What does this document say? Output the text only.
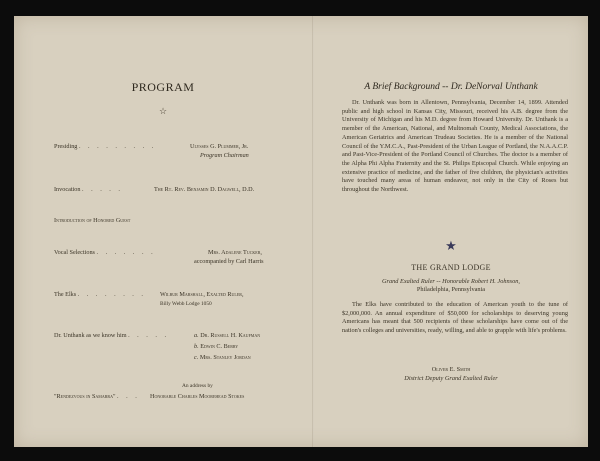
PROGRAM
☆
Presiding . . . . . . . . .	Ulysses G. Plummer, Jr.
Program Chairman
Invocation . . . . .	The Rt. Rev. Benjamin D. Dagwell, D.D.
Introduction of Honored Guest
Vocal Selections . . . . . . .	Mrs. Adalene Tucker,
accompanied by Carl Harris
The Elks . . . . . . . . Wilbur Marshall, Exalted Ruler,
Billy Webb Lodge 1050
Dr. Unthank as we know him . . . . .	a. Dr. Russell H. Kaufman
b. Edwin C. Berry
c. Mrs. Stanley Jordan
An address by
"Rendezvous in Samarra" . . . Honorable Charles Moorehead Stokes
A Brief Background -- Dr. DeNorval Unthank
Dr. Unthank was born in Allentown, Pennsylvania, December 14, 1899. Attended public and high school in Kansas City, Missouri, received his A.B. degree from the University of Michigan and his M.D. degree from Howard University. Dr. Unthank is a member of the American, National, and Multnomah County, Medical Associations, the American Geriatrics and American Trudeau Societies. He is a member of the National Council of the Y.M.C.A., Past-President of the Urban League of Portland, the N.A.A.C.P. and Past-Vice-President of the Portland Council of Churches. The doctor is a member of the Alpha Phi Alpha Fraternity and the St. Philips Episcopal Church. While enjoying an extensive practice of medicine, and the father of five children, the physician's activities have touched many areas of human endeavor, not only in the City of Roses but throughout the Northwest.
★
THE GRAND LODGE
Grand Exalted Ruler -- Honorable Robert H. Johnson,
Philadelphia, Pennsylvania
The Elks have contributed to the education of American youth to the tune of $2,000,000. An annual expenditure of $50,000 for scholarships to deserving young Americans has meant that 500 recipients of these scholarships have come out of the nation's colleges and universities, ready, willing, and able to grapple with life's problems.
Oliver E. Smith
District Deputy Grand Exalted Ruler
